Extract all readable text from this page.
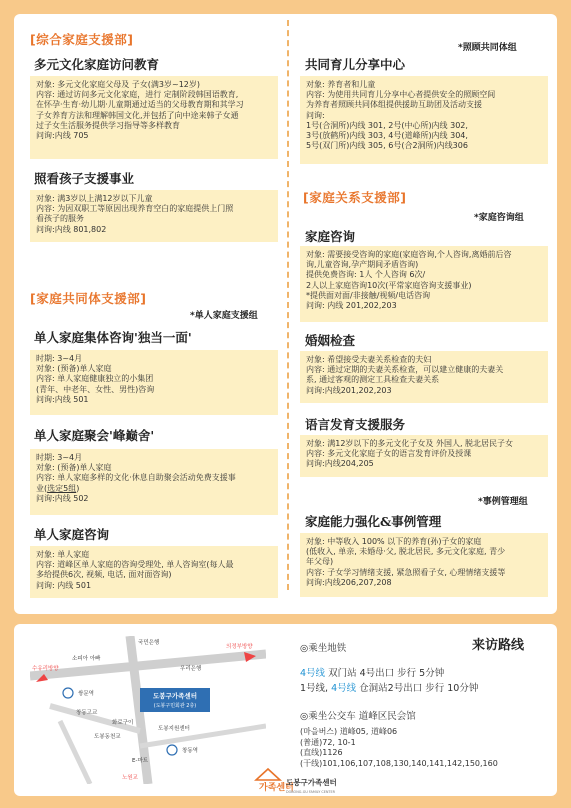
[综合家庭支援部]
多元文化家庭访问教育
对象: 多元文化家庭父母及 子女(满3岁~12岁)
内容: 通过访问多元文化家庭，进行 定制阶段韩国语教育,
在怀孕·生育·幼儿期·儿童期通过适当的父母教育期和其学习
子女养育方法和理解韩国文化,并包括了向中途来韩子女通
过子女生活服务提供学习指导等多样教育
问询:内线 705
照看孩子支援事业
对象: 满3岁以上满12岁以下儿童
内容: 为因双职工等原因出现养育空白的家庭提供上门照
看孩子的服务
问询:内线 801,802
[家庭共同体支援部]
*单人家庭支援组
单人家庭集体咨询'独当一面'
时期: 3~4月
对象: (预备)单人家庭
内容: 单人家庭健康独立的小集团
(青年、中老年、女性、男性)咨询
问询:内线 501
单人家庭聚会'峰巅舍'
时期: 3~4月
对象: (预备)单人家庭
内容: 单人家庭多样的文化·休息自助聚会活动免费支援事
业(选定5组)
问询:内线 502
单人家庭咨询
对象: 单人家庭
内容: 道峰区单人家庭的咨询受理处, 单人咨询室(每人最
多给提供6次, 视频, 电话, 面对面咨询)
问询: 内线 501
*照顾共同体组
共同育儿分享中心
对象: 养育者和儿童
内容: 为使用共同育儿分享中心者提供安全的照顾空间
为养育者照顾共同体组提供援助互助团及活动支援
问询:
1号(合洞所)内线 301, 2号(中心所)内线 302,
3号(放鹤所)内线 303, 4号(道峰所)内线 304,
5号(双门所)内线 305, 6号(合2洞所)内线306
[家庭关系支援部]
*家庭咨询组
家庭咨询
对象: 需要接受咨询的家庭(家庭咨询,个人咨询,离婚前后咨
询,儿童咨询,孕产期间矛盾咨询)
提供免费咨询: 1人 个人咨询 6次/
2人以上家庭咨询10次(平常家庭咨询支援事业)
*提供面对面/非接触/视频/电话咨询
问询: 内线 201,202,203
婚姻检查
对象: 希望接受夫妻关系检查的夫妇
内容: 通过定期的夫妻关系检查，可以建立健康的夫妻关
系, 通过客观的测定工具检查夫妻关系
问询:内线201,202,203
语言发育支援服务
对象: 满12岁以下的多元文化子女及 外国人, 脱北居民子女
内容: 多元文化家庭子女的语言发育评价及授课
问询:内线204,205
*事例管理组
家庭能力强化&事例管理
对象: 中等收入 100% 以下的养育(孙)子女的家庭
(低收入, 单亲, 未婚母·父, 脱北居民, 多元文化家庭, 青少
年父母)
内容: 子女学习情绪支援, 紧急照看子女, 心理情绪支援等
问询:内线206,207,208
来访路线
도봉구가족센터
(도봉구민회관 2층)
소피아 아빠
국민은행
수유리방향	우리은행
의정부방향
쌍문역
화로구이
창동고교
도봉지원센터
도봉동천교
E-마트
창동역
노원교
◎乘坐地铁
4号线 双门站 4号出口 步行 5分钟
1号线, 4号线 仓洞站2号出口 步行 10分钟
◎乘坐公交车 道峰区民会馆
(마을버스) 道峰05, 道峰06
(普通)72, 10-1
(直线)1126
(干线)101,106,107,108,130,140,141,142,150,160
가족센터
도봉구가족센터
DOBONG-GU FAMILY CENTER
